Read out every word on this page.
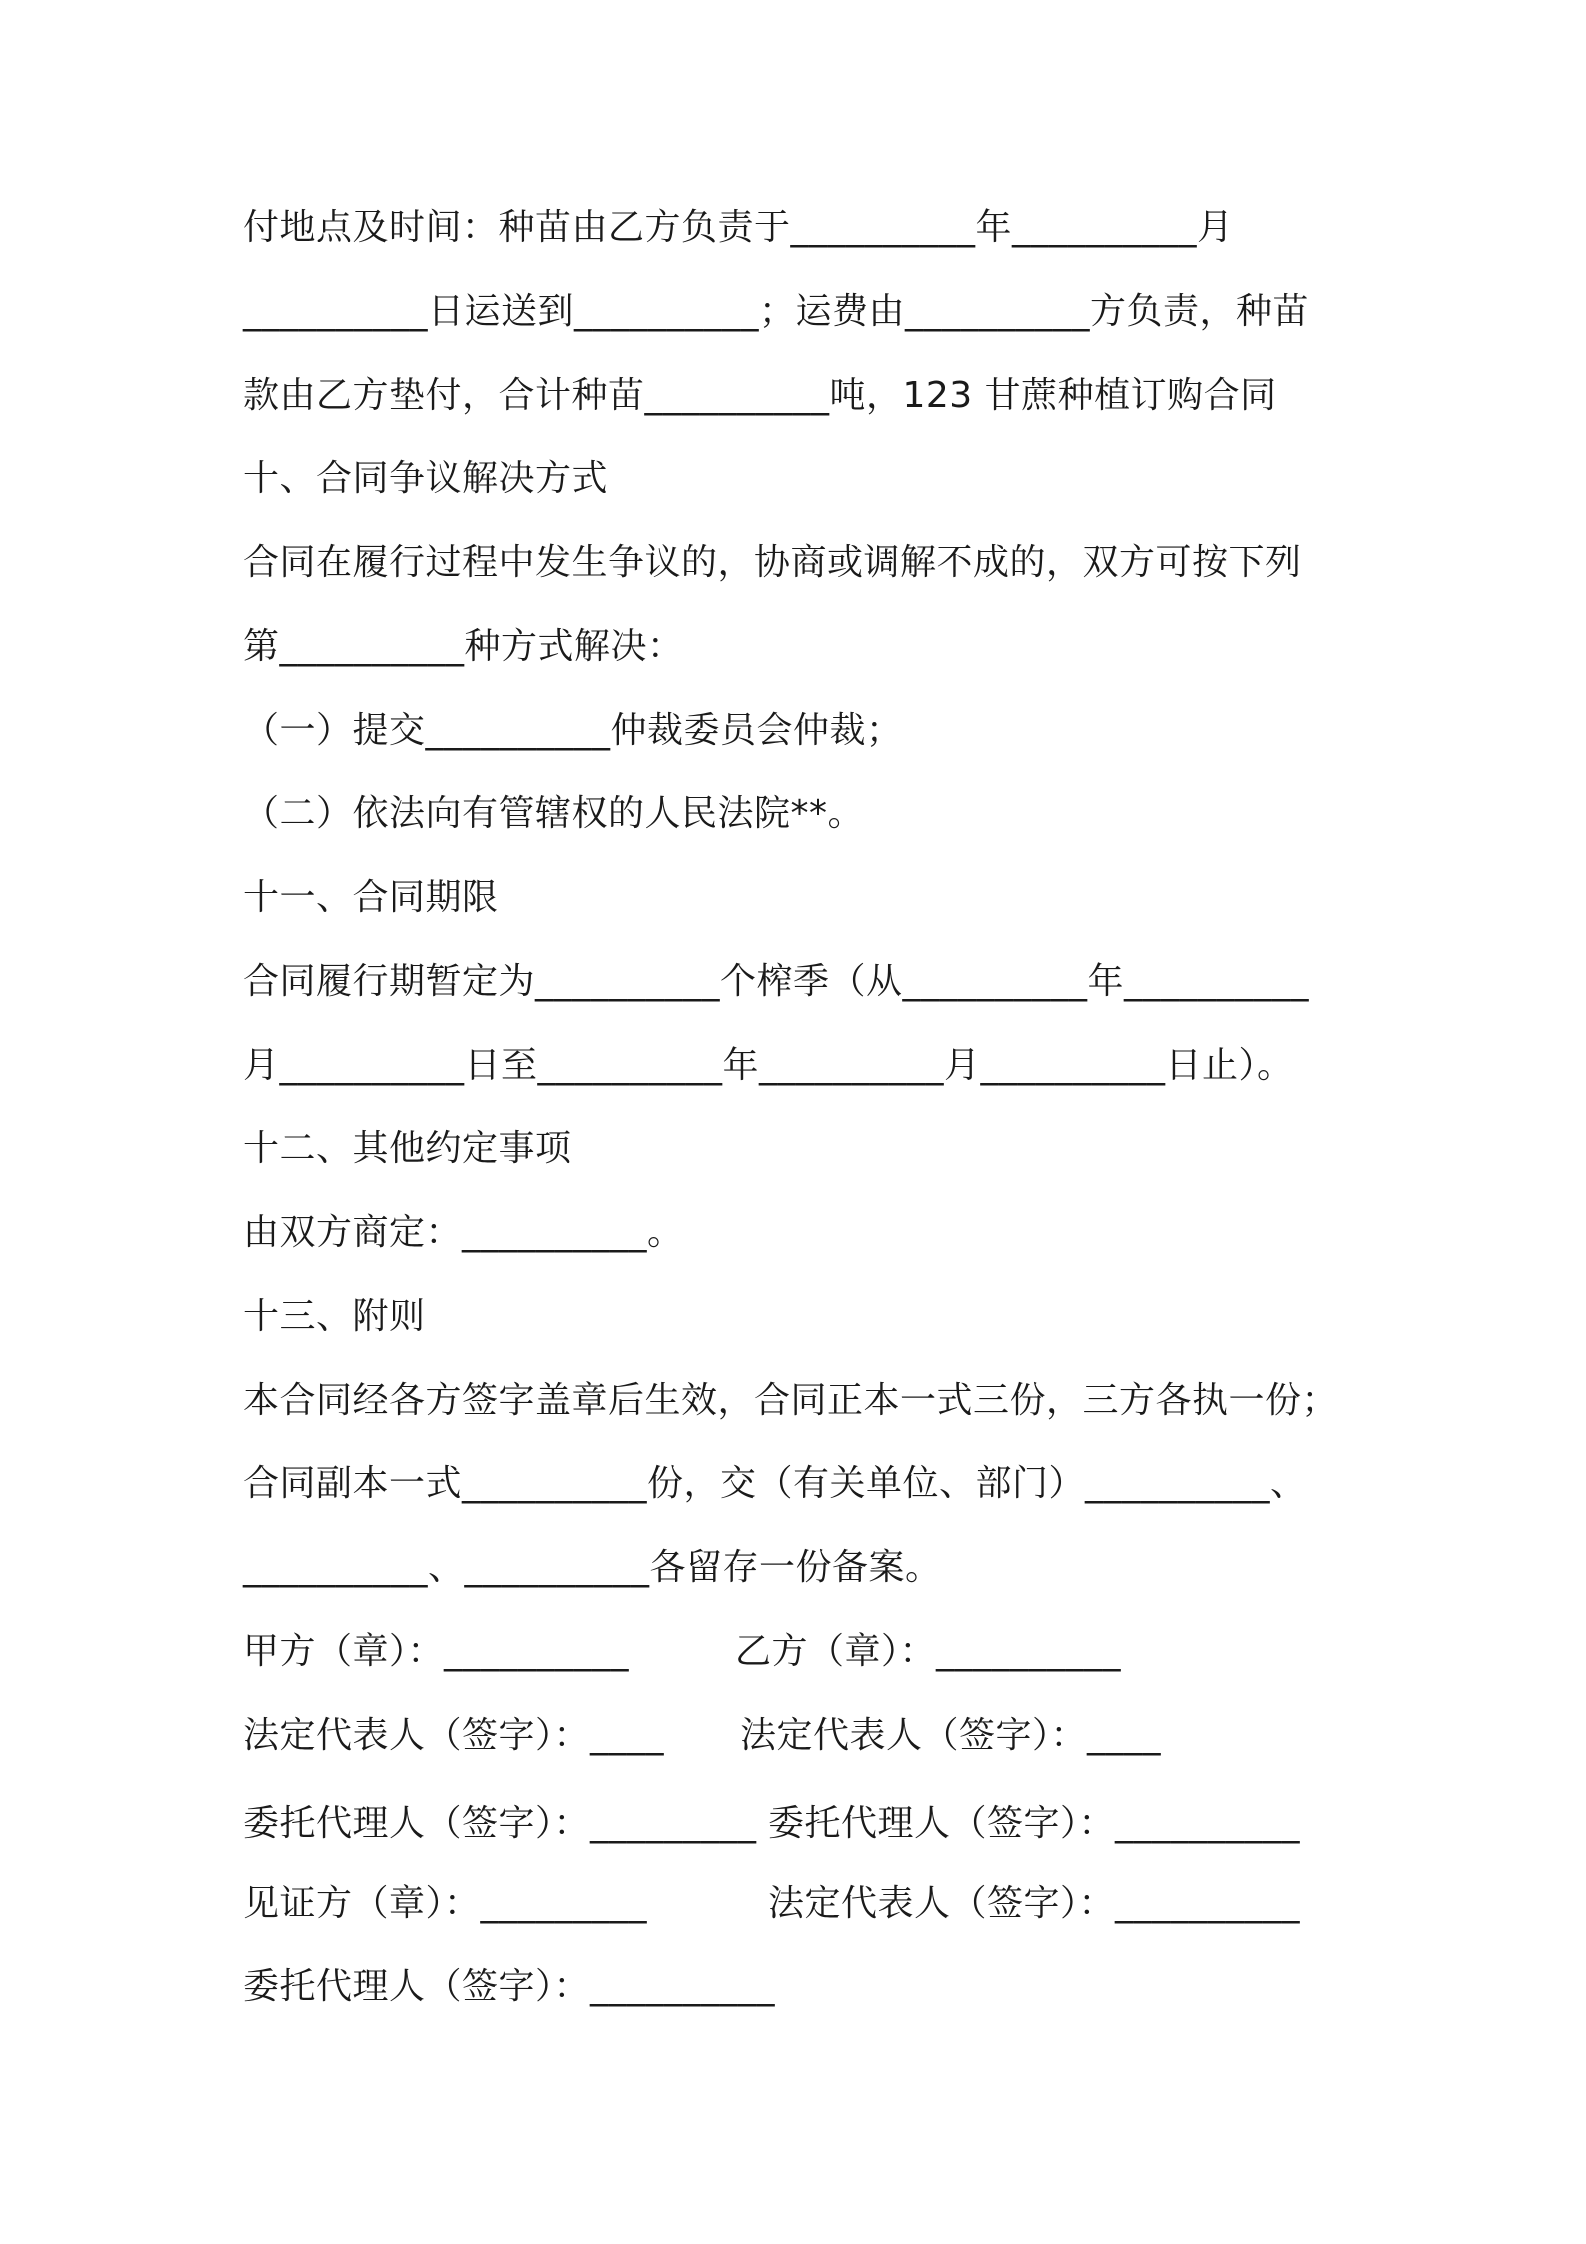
付地点及时间：种苗由乙方负责于__________年__________月
__________日运送到__________；运费由__________方负责，种苗
款由乙方垫付，合计种苗__________吨，123 甘蔗种植订购合同
十、合同争议解决方式
合同在履行过程中发生争议的，协商或调解不成的，双方可按下列
第__________种方式解决：
（一）提交__________仲裁委员会仲裁；
（二）依法向有管辖权的人民法院**。
十一、合同期限
合同履行期暂定为__________个榨季（从__________年__________
月__________日至__________年__________月__________日止）。
十二、其他约定事项
由双方商定：__________。
十三、附则
本合同经各方签字盖章后生效，合同正本一式三份，三方各执一份；
合同副本一式__________份，交（有关单位、部门）__________、
__________、__________各留存一份备案。
甲方（章）：__________	乙方（章）：__________
法定代表人（签字）：____ 法定代表人（签字）：____
委托代理人（签字）：_________ 委托代理人（签字）：__________
见证方（章）：_________	法定代表人（签字）：__________
委托代理人（签字）：__________
